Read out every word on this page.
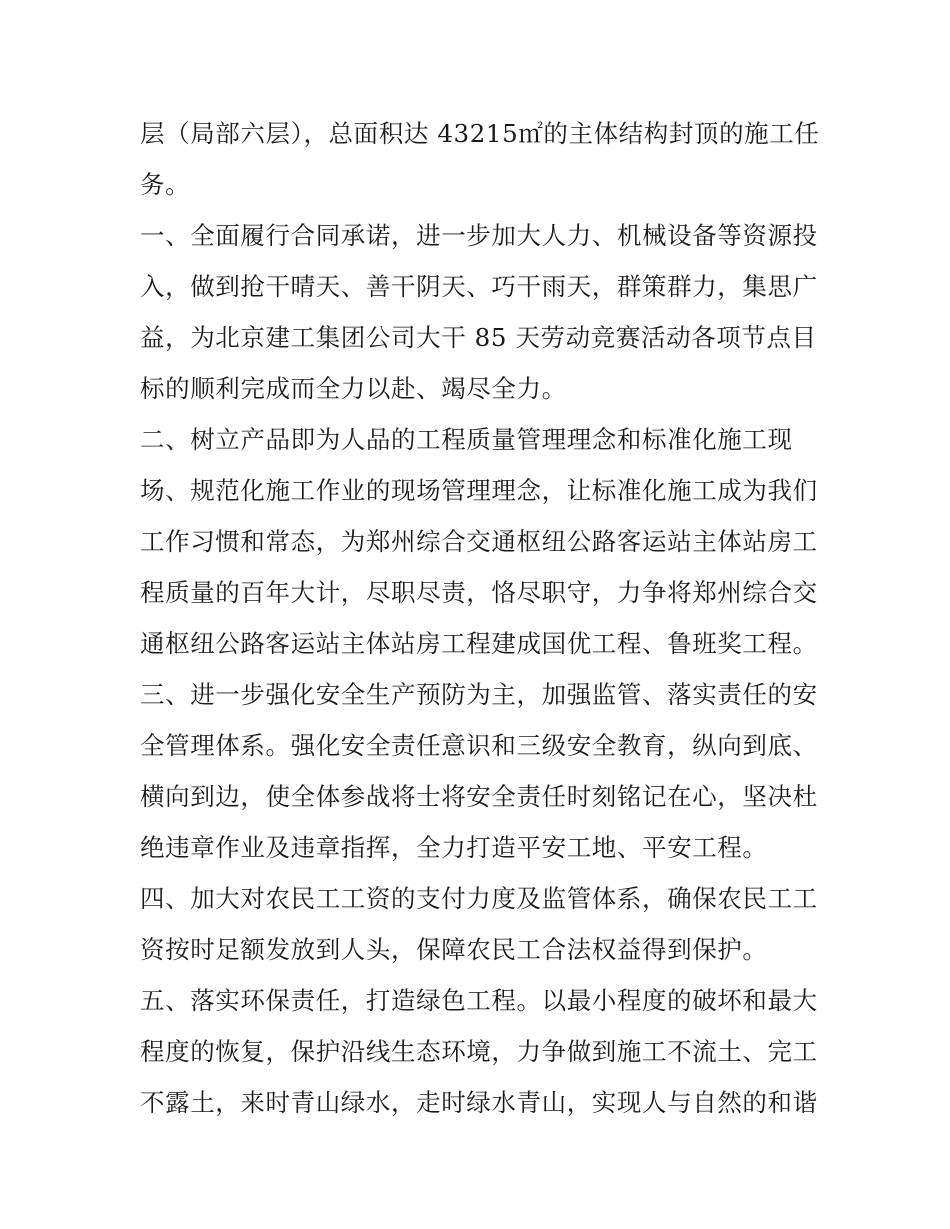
层（局部六层），总面积达 43215㎡的主体结构封顶的施工任
务。
一、全面履行合同承诺，进一步加大人力、机械设备等资源投
入，做到抢干晴天、善干阴天、巧干雨天，群策群力，集思广
益，为北京建工集团公司大干 85 天劳动竞赛活动各项节点目
标的顺利完成而全力以赴、竭尽全力。
二、树立产品即为人品的工程质量管理理念和标准化施工现
场、规范化施工作业的现场管理理念，让标准化施工成为我们
工作习惯和常态，为郑州综合交通枢纽公路客运站主体站房工
程质量的百年大计，尽职尽责，恪尽职守，力争将郑州综合交
通枢纽公路客运站主体站房工程建成国优工程、鲁班奖工程。
三、进一步强化安全生产预防为主，加强监管、落实责任的安
全管理体系。强化安全责任意识和三级安全教育，纵向到底、
横向到边，使全体参战将士将安全责任时刻铭记在心，坚决杜
绝违章作业及违章指挥，全力打造平安工地、平安工程。
四、加大对农民工工资的支付力度及监管体系，确保农民工工
资按时足额发放到人头，保障农民工合法权益得到保护。
五、落实环保责任，打造绿色工程。以最小程度的破坏和最大
程度的恢复，保护沿线生态环境，力争做到施工不流土、完工
不露土，来时青山绿水，走时绿水青山，实现人与自然的和谐
